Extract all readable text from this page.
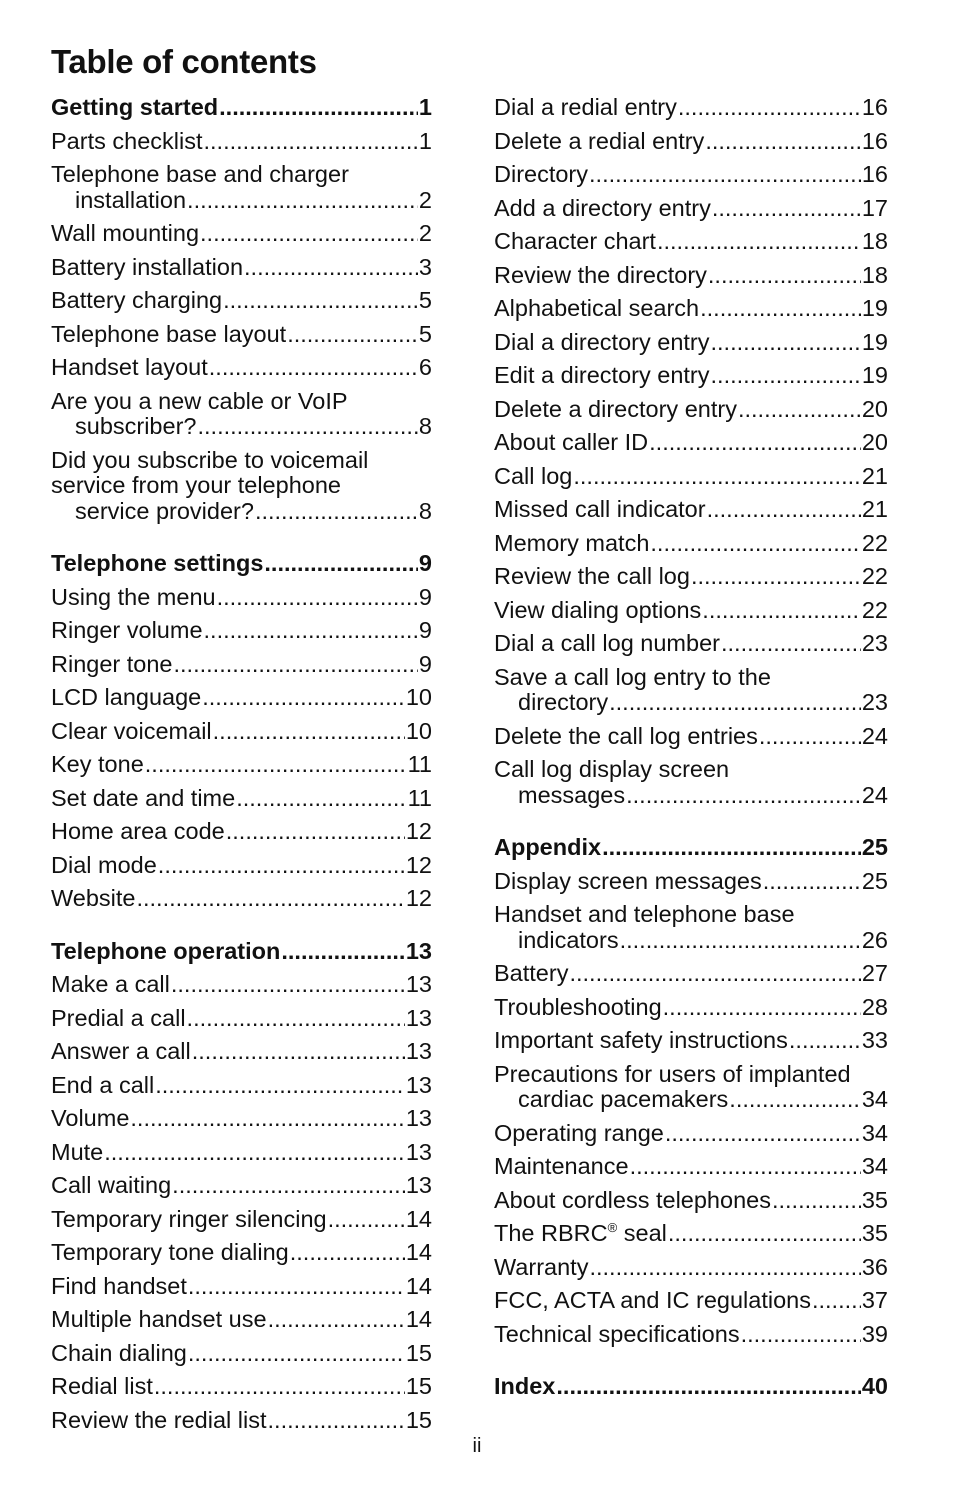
Table of contents
Getting started .....	1
Parts checklist .....	1
Telephone base and charger
installation .....	2
Wall mounting .....	2
Battery installation .....	3
Battery charging .....	5
Telephone base layout .....	5
Handset layout .....	6
Are you a new cable or VoIP
subscriber? .....	8
Did you subscribe to voicemail
service from your telephone
service provider? .....	8
Telephone settings .....	9
Using the menu .....	9
Ringer volume .....	9
Ringer tone .....	9
LCD language .....	10
Clear voicemail .....	10
Key tone .....	11
Set date and time .....	11
Home area code .....	12
Dial mode .....	12
Website .....	12
Telephone operation .....	13
Make a call .....	13
Predial a call .....	13
Answer a call .....	13
End a call .....	13
Volume .....	13
Mute .....	13
Call waiting .....	13
Temporary ringer silencing .....	14
Temporary tone dialing .....	14
Find handset .....	14
Multiple handset use .....	14
Chain dialing .....	15
Redial list .....	15
Review the redial list .....	15
Dial a redial entry .....	16
Delete a redial entry .....	16
Directory .....	16
Add a directory entry .....	17
Character chart .....	18
Review the directory .....	18
Alphabetical search .....	19
Dial a directory entry .....	19
Edit a directory entry .....	19
Delete a directory entry .....	20
About caller ID .....	20
Call log .....	21
Missed call indicator .....	21
Memory match .....	22
Review the call log .....	22
View dialing options .....	22
Dial a call log number .....	23
Save a call log entry to the
directory .....	23
Delete the call log entries .....	24
Call log display screen
messages .....	24
Appendix .....	25
Display screen messages .....	25
Handset and telephone base
indicators .....	26
Battery .....	27
Troubleshooting .....	28
Important safety instructions .....	33
Precautions for users of implanted
cardiac pacemakers .....	34
Operating range .....	34
Maintenance .....	34
About cordless telephones .....	35
The RBRC® seal .....	35
Warranty .....	36
FCC, ACTA and IC regulations ..... 37
Technical specifications .....	39
Index .....	40
ii
